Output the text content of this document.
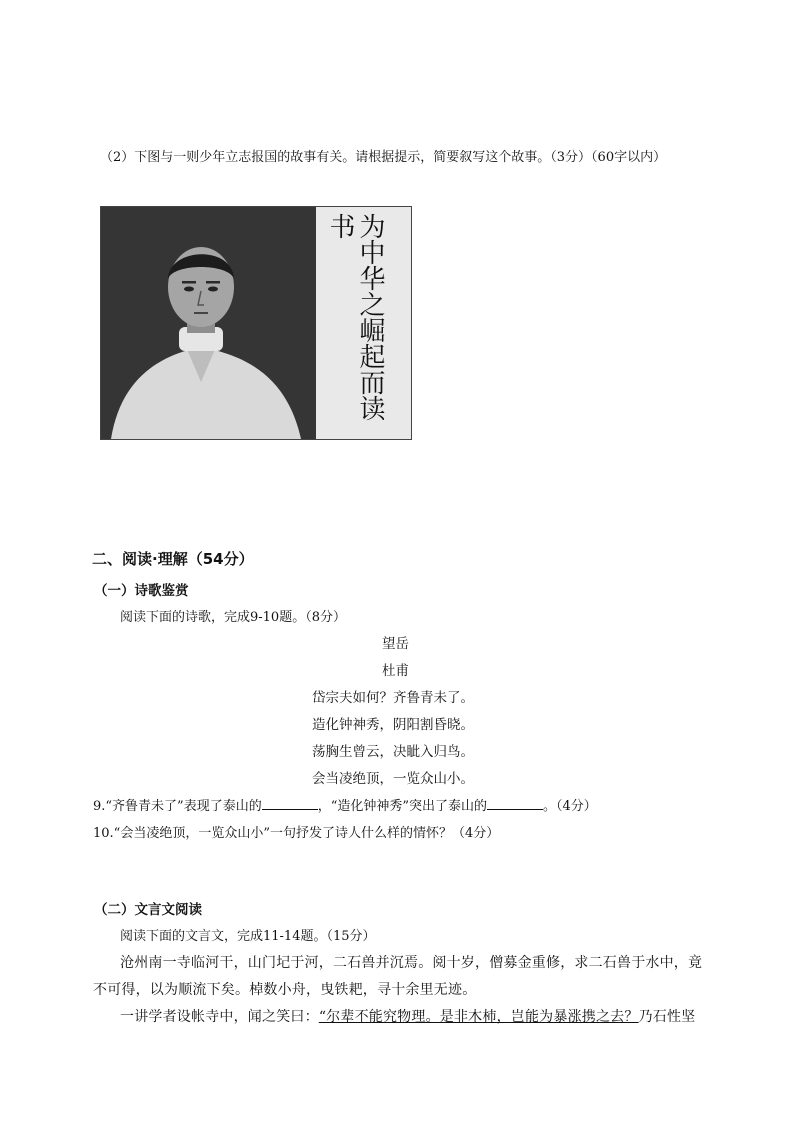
（2）下图与一则少年立志报国的故事有关。请根据提示，简要叙写这个故事。（3分）（60字以内）
为中华之崛起而读书
二、阅读·理解（54分）
（一）诗歌鉴赏
阅读下面的诗歌，完成9-10题。（8分）
望岳
杜甫
岱宗夫如何？齐鲁青未了。
造化钟神秀，阴阳割昏晓。
荡胸生曾云，决眦入归鸟。
会当凌绝顶，一览众山小。
9.“齐鲁青未了”表现了泰山的	，“造化钟神秀”突出了泰山的	。（4分）
10.“会当凌绝顶，一览众山小”一句抒发了诗人什么样的情怀？（4分）
（二）文言文阅读
阅读下面的文言文，完成11-14题。（15分）
沧州南一寺临河干，山门圮于河，二石兽并沉焉。阅十岁，僧募金重修，求二石兽于水中，竟
不可得，以为顺流下矣。棹数小舟，曳铁耙，寻十余里无迹。
一讲学者设帐寺中，闻之笑曰：“尔辈不能究物理。是非木杮，岂能为暴涨携之去？乃石性坚
